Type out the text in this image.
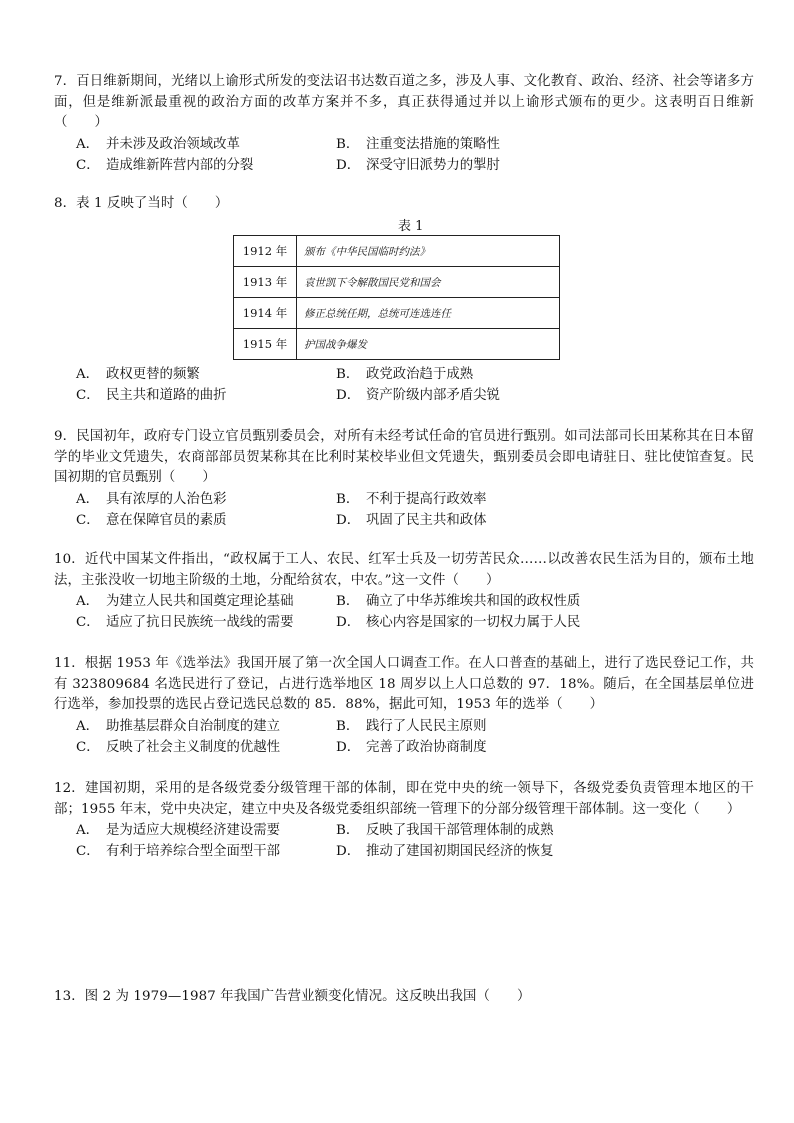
7．百日维新期间，光绪以上谕形式所发的变法诏书达数百道之多，涉及人事、文化教育、政治、经济、社会等诸多方面，但是维新派最重视的政治方面的改革方案并不多，真正获得通过并以上谕形式颁布的更少。这表明百日维新（　　）

A． 并未涉及政治领域改革	B． 注重变法措施的策略性
C． 造成维新阵营内部的分裂	D． 深受守旧派势力的掣肘

8．表 1 反映了当时（　　）

表 1
1912 年	颁布《中华民国临时约法》
1913 年	袁世凯下令解散国民党和国会
1914 年	修正总统任期，总统可连选连任
1915 年	护国战争爆发
A． 政权更替的频繁	B． 政党政治趋于成熟
C． 民主共和道路的曲折	D． 资产阶级内部矛盾尖锐

9．民国初年，政府专门设立官员甄别委员会，对所有未经考试任命的官员进行甄别。如司法部司长田某称其在日本留学的毕业文凭遗失，农商部部员贺某称其在比利时某校毕业但文凭遗失，甄别委员会即电请驻日、驻比使馆查复。民国初期的官员甄别（　　）

A． 具有浓厚的人治色彩	B． 不利于提高行政效率
C． 意在保障官员的素质	D． 巩固了民主共和政体

10．近代中国某文件指出，“政权属于工人、农民、红军士兵及一切劳苦民众……以改善农民生活为目的，颁布土地法，主张没收一切地主阶级的土地，分配给贫农，中农。”这一文件（　　）

A． 为建立人民共和国奠定理论基础	B． 确立了中华苏维埃共和国的政权性质
C． 适应了抗日民族统一战线的需要	D． 核心内容是国家的一切权力属于人民

11．根据 1953 年《选举法》我国开展了第一次全国人口调查工作。在人口普查的基础上，进行了选民登记工作，共有 323809684 名选民进行了登记，占进行选举地区 18 周岁以上人口总数的 97．18%。随后，在全国基层单位进行选举，参加投票的选民占登记选民总数的 85．88%，据此可知，1953 年的选举（　　）

A． 助推基层群众自治制度的建立	B． 践行了人民民主原则
C． 反映了社会主义制度的优越性	D． 完善了政治协商制度

12．建国初期，采用的是各级党委分级管理干部的体制，即在党中央的统一领导下，各级党委负责管理本地区的干部；1955 年末，党中央决定，建立中央及各级党委组织部统一管理下的分部分级管理干部体制。这一变化（　　）

A． 是为适应大规模经济建设需要	B． 反映了我国干部管理体制的成熟
C． 有利于培养综合型全面型干部	D． 推动了建国初期国民经济的恢复

13．图 2 为 1979—1987 年我国广告营业额变化情况。这反映出我国（　　）
